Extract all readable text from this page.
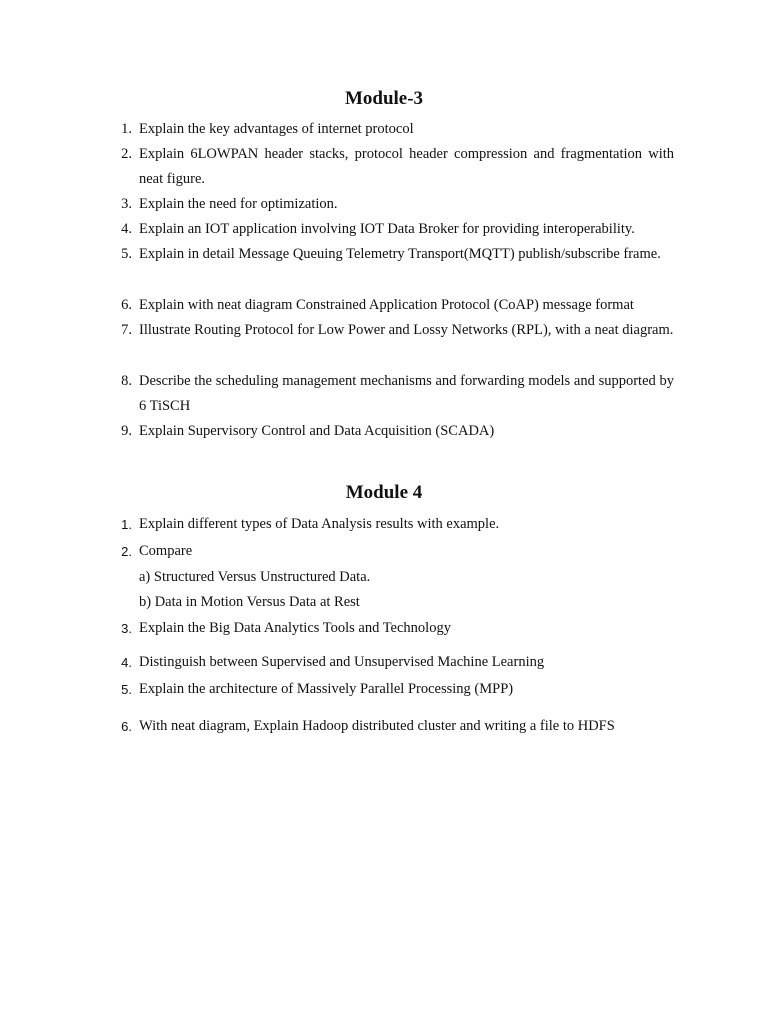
Module-3
1. Explain the key advantages of internet protocol
2. Explain 6LOWPAN header stacks, protocol header compression and fragmentation with neat figure.
3. Explain the need for optimization.
4. Explain an IOT application involving IOT Data Broker for providing interoperability.
5. Explain in detail Message Queuing Telemetry Transport(MQTT) publish/subscribe frame.
6. Explain with neat diagram Constrained Application Protocol (CoAP) message format
7. Illustrate Routing Protocol for Low Power and Lossy Networks (RPL), with a neat diagram.
8. Describe the scheduling management mechanisms and forwarding models and supported by 6 TiSCH
9. Explain Supervisory Control and Data Acquisition (SCADA)
Module 4
1. Explain different types of Data Analysis results with example.
2. Compare
a) Structured Versus Unstructured Data.
b) Data in Motion Versus Data at Rest
3. Explain the Big Data Analytics Tools and Technology
4. Distinguish between Supervised and Unsupervised Machine Learning
5. Explain the architecture of Massively Parallel Processing (MPP)
6. With neat diagram, Explain Hadoop distributed cluster and writing a file to HDFS
